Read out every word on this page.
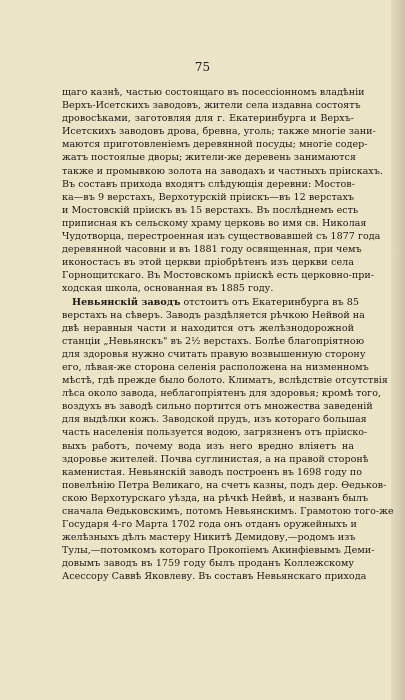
75
щаго казнѣ, частью состоящаго въ посессіонномъ владѣніи
Верхъ-Исетскихъ заводовъ, жители села издавна состоятъ
дровосѣками, заготовляя для г. Екатеринбурга и Верхъ-
Исетскихъ заводовъ дрова, бревна, уголь; также многіе зани-
маются приготовленіемъ деревянной посуды; многіе содер-
жатъ постоялые дворы; жители-же деревень занимаются
также и промывкою золота на заводахъ и частныхъ пріискахъ.
Въ составъ прихода входятъ слѣдующія деревни: Мостов-
ка—въ 9 верстахъ, Верхотурскій пріискъ—въ 12 верстахъ
и Мостовскій пріискъ въ 15 верстахъ. Въ послѣднемъ есть
приписная къ сельскому храму церковь во имя св. Николая
Чудотворца, перестроенная изъ существовавшей съ 1877 года
деревянной часовни и въ 1881 году освященная, при чемъ
иконостасъ въ этой церкви пріобрѣтенъ изъ церкви села
Горнощитскаго. Въ Мостовскомъ пріискѣ есть церковно-при-
ходская школа, основанная въ 1885 году.
Невьянскій заводъ отстоитъ отъ Екатеринбурга въ 85
верстахъ на сѣверъ. Заводъ раздѣляется рѣчкою Нейвой на
двѣ неравныя части и находится отъ желѣзнодорожной
станціи „Невьянскъ" въ 2½ верстахъ. Болѣе благопріятною
для здоровья нужно считать правую возвышенную сторону
его, лѣвая-же сторона селенія расположена на низменномъ
мѣстѣ, гдѣ прежде было болото. Климатъ, вслѣдствіе отсутствія
лѣса около завода, неблагопріятенъ для здоровья; кромѣ того,
воздухъ въ заводѣ сильно портится отъ множества заведеній
для выдѣлки кожъ. Заводской прудъ, изъ котораго большая
часть населенія пользуется водою, загрязненъ отъ пріиско-
выхъ работъ, почему вода изъ него вредно вліяетъ на
здоровье жителей. Почва суглинистая, а на правой сторонѣ
каменистая. Невьянскій заводъ построенъ въ 1698 году по
повелѣнію Петра Великаго, на счетъ казны, подъ дер. Ѳедьков-
скою Верхотурскаго уѣзда, на рѣчкѣ Нейвѣ, и названъ былъ
сначала Ѳедьковскимъ, потомъ Невьянскимъ. Грамотою того-же
Государя 4-го Марта 1702 года онъ отданъ оружейныхъ и
желѣзныхъ дѣлъ мастеру Никитѣ Демидову,—родомъ изъ
Тулы,—потомкомъ котораго Прокопіемъ Акинфіевымъ Деми-
довымъ заводъ въ 1759 году былъ проданъ Коллежскому
Асессору Саввѣ Яковлеву. Въ составъ Невьянскаго прихода
